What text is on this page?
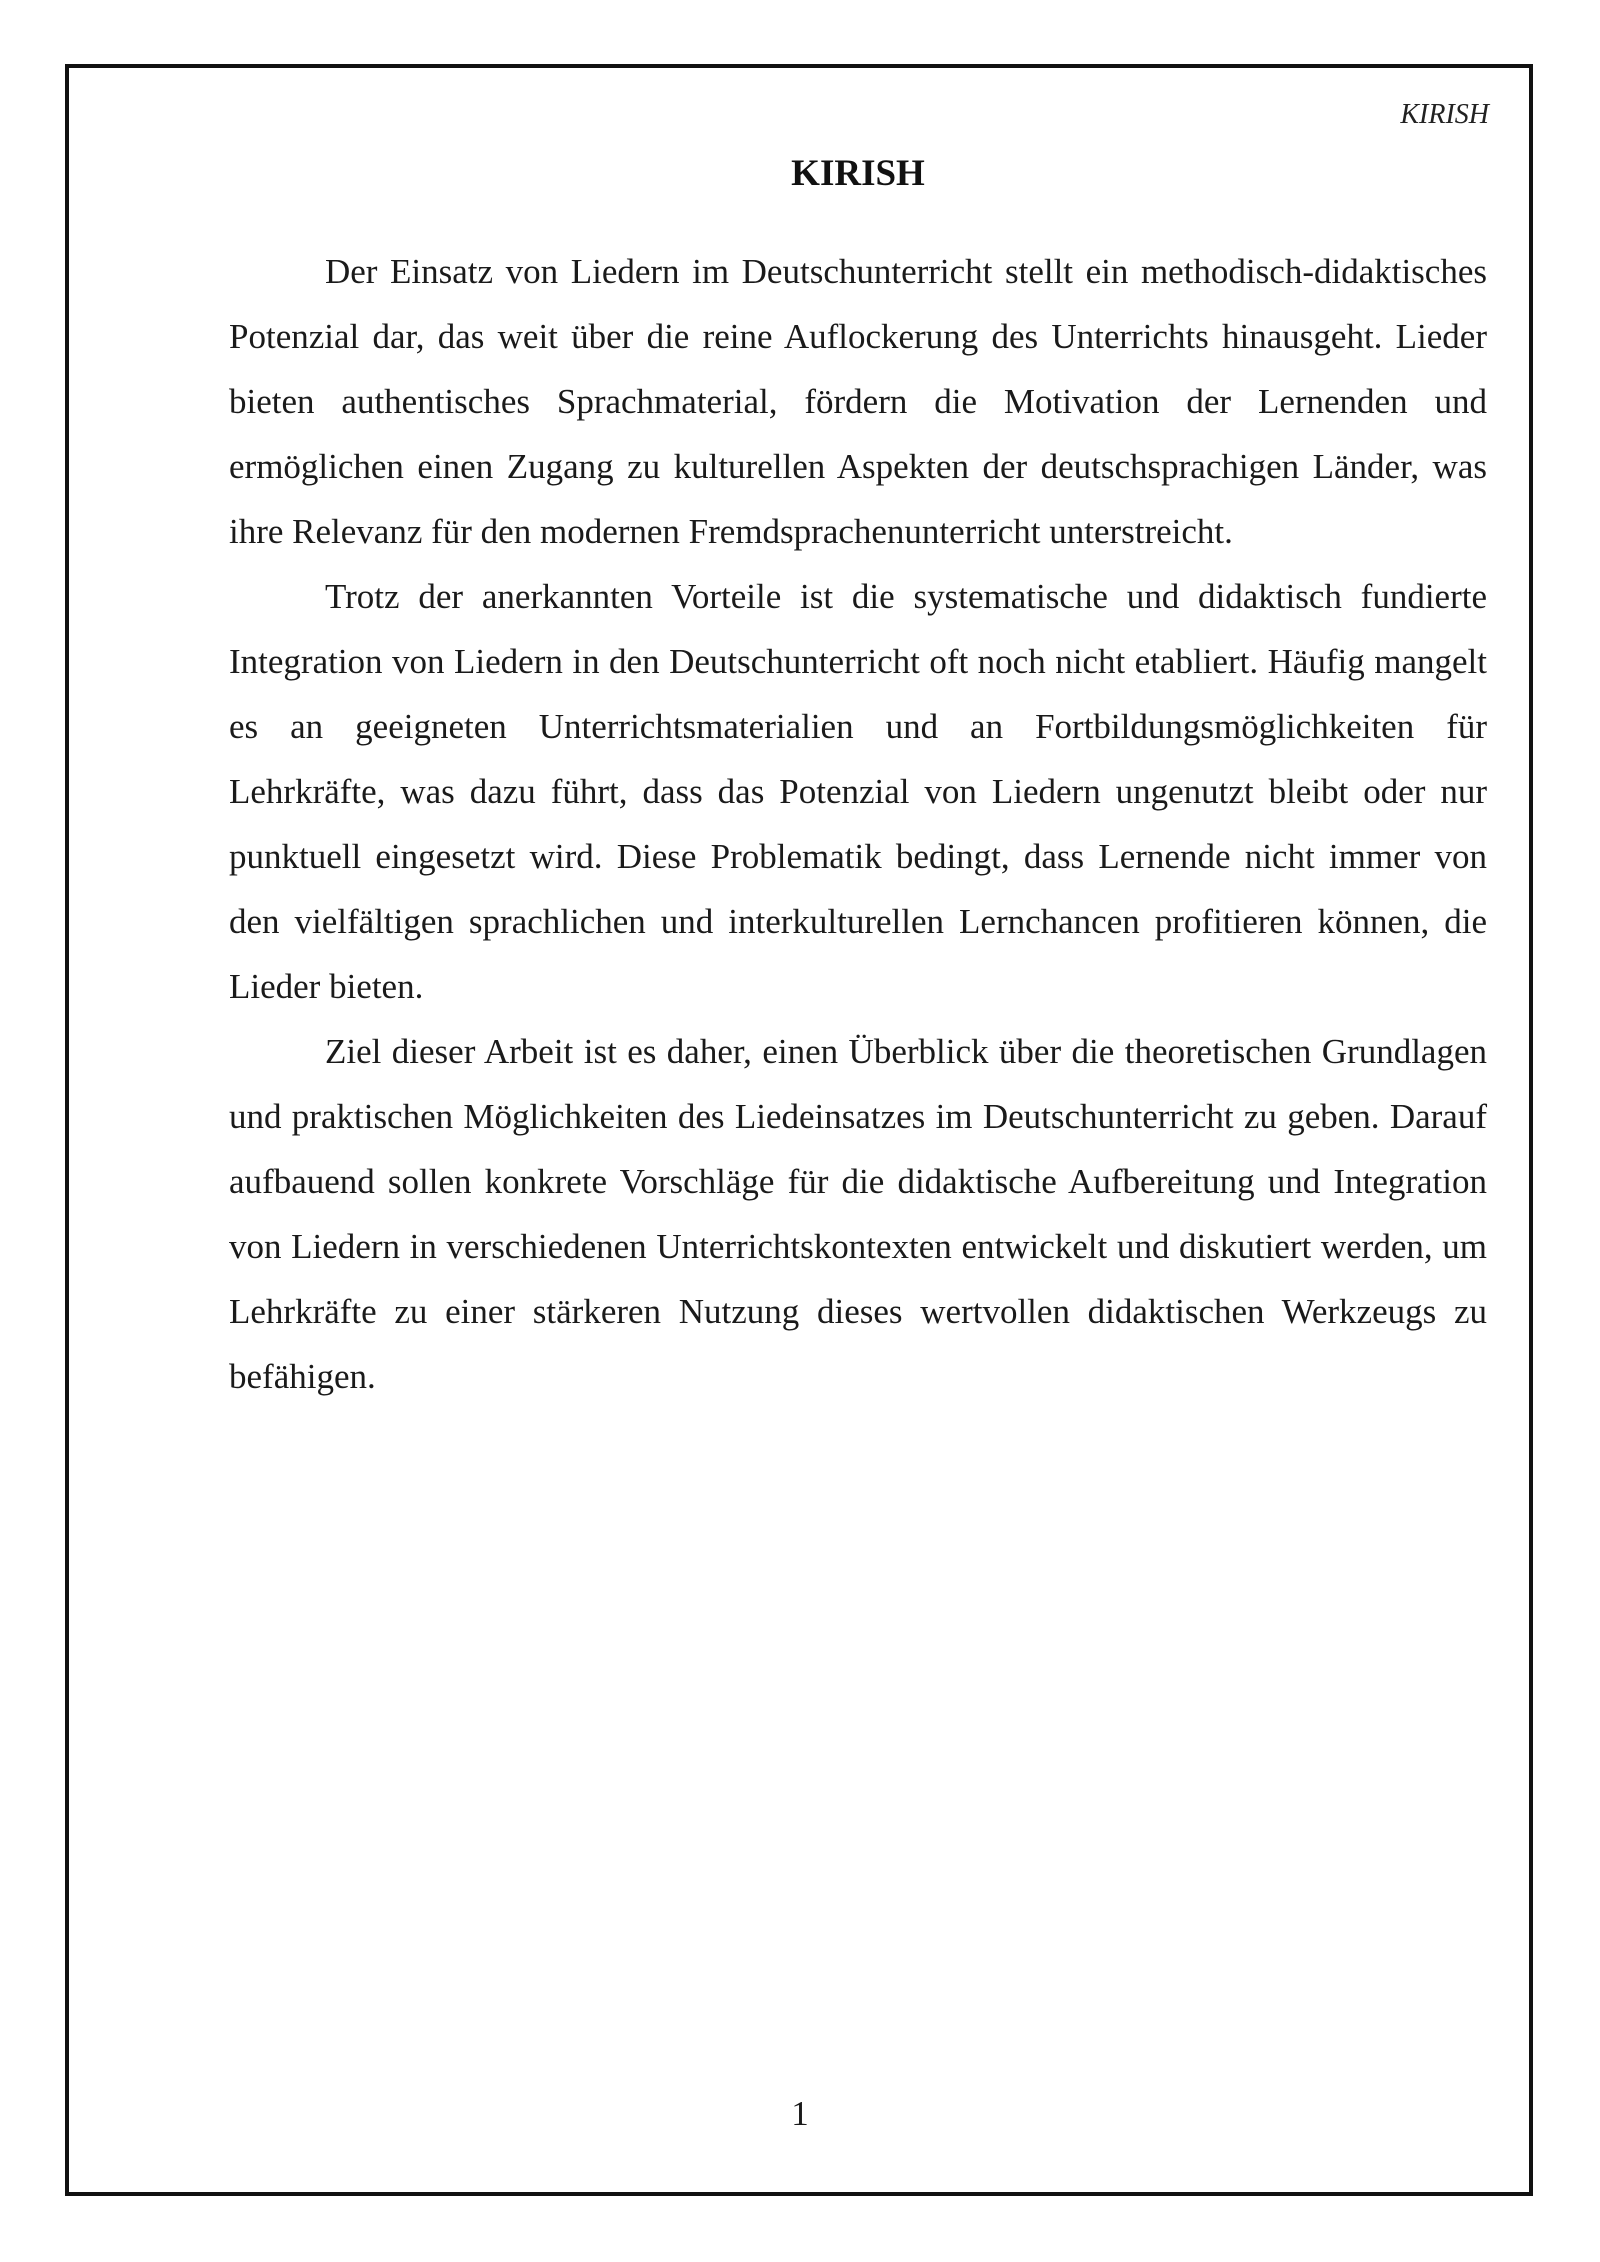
KIRISH
KIRISH

Der Einsatz von Liedern im Deutschunterricht stellt ein methodisch-didaktisches Potenzial dar, das weit über die reine Auflockerung des Unterrichts hinausgeht. Lieder bieten authentisches Sprachmaterial, fördern die Motivation der Lernenden und ermöglichen einen Zugang zu kulturellen Aspekten der deutschsprachigen Länder, was ihre Relevanz für den modernen Fremdsprachenunterricht unterstreicht.

Trotz der anerkannten Vorteile ist die systematische und didaktisch fundierte Integration von Liedern in den Deutschunterricht oft noch nicht etabliert. Häufig mangelt es an geeigneten Unterrichtsmaterialien und an Fortbildungsmöglichkeiten für Lehrkräfte, was dazu führt, dass das Potenzial von Liedern ungenutzt bleibt oder nur punktuell eingesetzt wird. Diese Problematik bedingt, dass Lernende nicht immer von den vielfältigen sprachlichen und interkulturellen Lernchancen profitieren können, die Lieder bieten.

Ziel dieser Arbeit ist es daher, einen Überblick über die theoretischen Grundlagen und praktischen Möglichkeiten des Liedeinsatzes im Deutschunterricht zu geben. Darauf aufbauend sollen konkrete Vorschläge für die didaktische Aufbereitung und Integration von Liedern in verschiedenen Unterrichtskontexten entwickelt und diskutiert werden, um Lehrkräfte zu einer stärkeren Nutzung dieses wertvollen didaktischen Werkzeugs zu befähigen.

1
